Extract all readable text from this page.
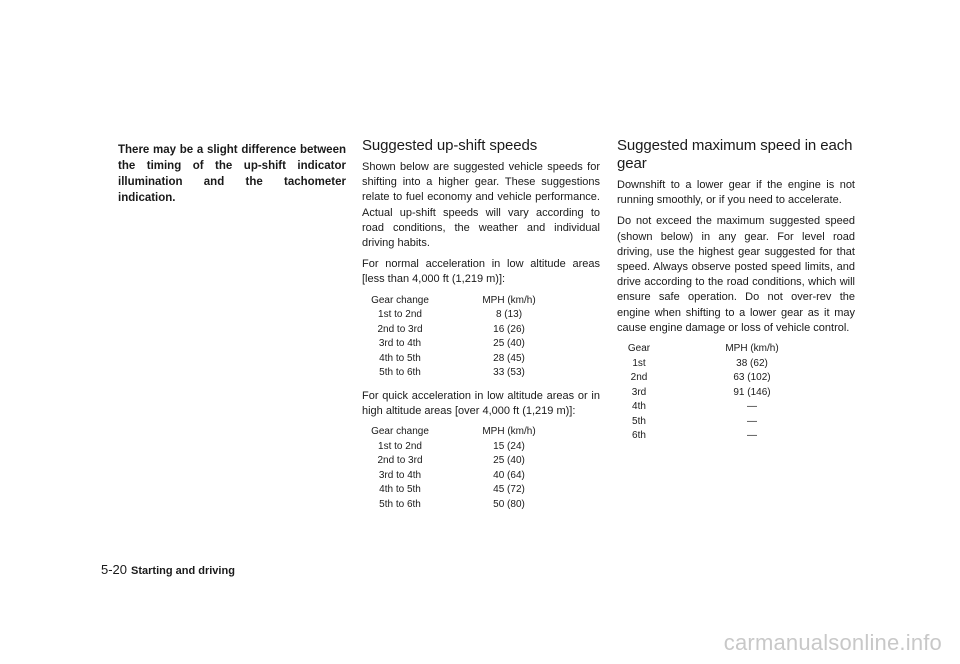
There may be a slight difference between the timing of the up-shift indicator illumination and the tachometer indication.

Suggested up-shift speeds

Shown below are suggested vehicle speeds for shifting into a higher gear. These suggestions relate to fuel economy and vehicle performance. Actual up-shift speeds will vary according to road conditions, the weather and individual driving habits.

For normal acceleration in low altitude areas [less than 4,000 ft (1,219 m)]:

Gear change		MPH (km/h)
1st to 2nd		8 (13)
2nd to 3rd		16 (26)
3rd to 4th		25 (40)
4th to 5th		28 (45)
5th to 6th		33 (53)

For quick acceleration in low altitude areas or in high altitude areas [over 4,000 ft (1,219 m)]:

Gear change		MPH (km/h)
1st to 2nd		15 (24)
2nd to 3rd		25 (40)
3rd to 4th		40 (64)
4th to 5th		45 (72)
5th to 6th		50 (80)
Suggested maximum speed in each gear

Downshift to a lower gear if the engine is not running smoothly, or if you need to accelerate.

Do not exceed the maximum suggested speed (shown below) in any gear. For level road driving, use the highest gear suggested for that speed. Always observe posted speed limits, and drive according to the road conditions, which will ensure safe operation. Do not over-rev the engine when shifting to a lower gear as it may cause engine damage or loss of vehicle control.

Gear		MPH (km/h)
1st		38 (62)
2nd		63 (102)
3rd		91 (146)
4th		—
5th		—
6th		—
5-20 Starting and driving
carmanualsonline.info
